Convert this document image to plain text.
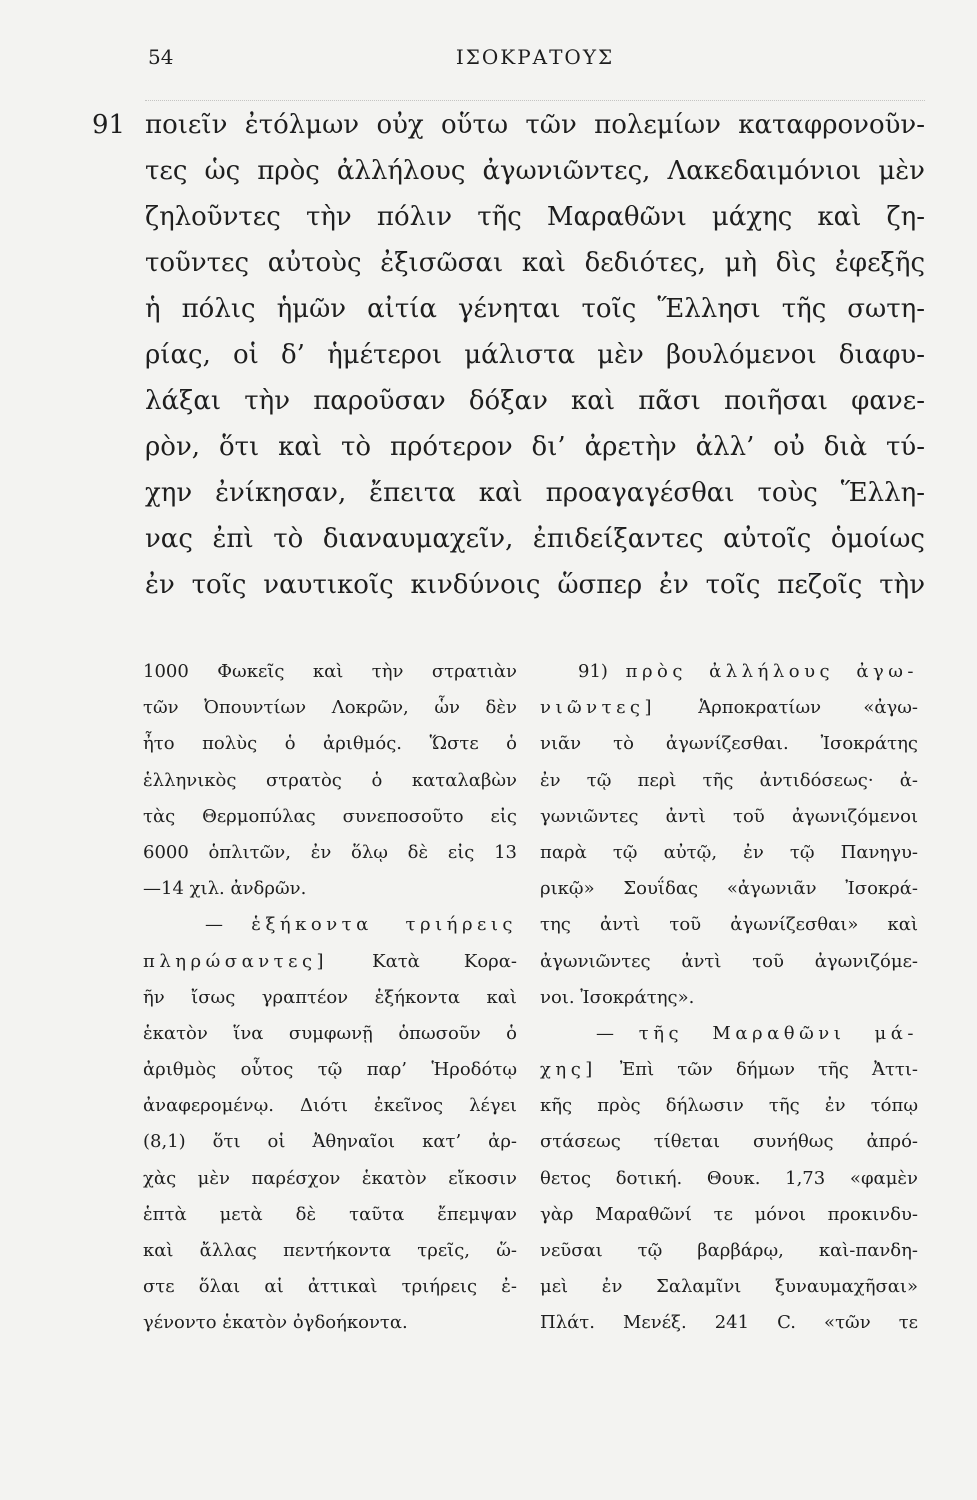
54	ΙΣΟΚΡΑΤΟΥΣ
91 ποιεῖν ἐτόλμων οὐχ οὕτω τῶν πολεμίων καταφρονοῦν-
τες ὡς πρὸς ἀλλήλους ἀγωνιῶντες, Λακεδαιμόνιοι μὲν
ζηλοῦντες τὴν πόλιν τῆς Μαραθῶνι μάχης καὶ ζη-
τοῦντες αὐτοὺς ἐξισῶσαι καὶ δεδιότες, μὴ δὶς ἐφεξῆς
ἡ πόλις ἡμῶν αἰτία γένηται τοῖς Ἕλλησι τῆς σωτη-
ρίας, οἱ δ’ ἡμέτεροι μάλιστα μὲν βουλόμενοι διαφυ-
λάξαι τὴν παροῦσαν δόξαν καὶ πᾶσι ποιῆσαι φανε-
ρὸν, ὅτι καὶ τὸ πρότερον δι’ ἀρετὴν ἀλλ’ οὐ διὰ τύ-
χην ἐνίκησαν, ἔπειτα καὶ προαγαγέσθαι τοὺς Ἕλλη-
νας ἐπὶ τὸ διαναυμαχεῖν, ἐπιδείξαντες αὐτοῖς ὁμοίως
ἐν τοῖς ναυτικοῖς κινδύνοις ὥσπερ ἐν τοῖς πεζοῖς τὴν
1000 Φωκεῖς καὶ τὴν στρατιὰν
τῶν Ὀπουντίων Λοκρῶν, ὧν δὲν
ἦτο πολὺς ὁ ἀριθμός. Ὥστε ὁ
ἑλληνικὸς στρατὸς ὁ καταλαβὼν
τὰς Θερμοπύλας συνεποσοῦτο εἰς
6000 ὁπλιτῶν, ἐν ὅλῳ δὲ εἰς 13
—14 χιλ. ἀνδρῶν.
— ἑξήκοντα τριήρεις
πληρώσαντες] Κατὰ Κορα-
ῆν ἴσως γραπτέον ἑξήκοντα καὶ
ἑκατὸν ἵνα συμφωνῇ ὁπωσοῦν ὁ
ἀριθμὸς οὗτος τῷ παρ’ Ἡροδότῳ
ἀναφερομένῳ. Διότι ἐκεῖνος λέγει
(8,1) ὅτι οἱ Ἀθηναῖοι κατ’ ἀρ-
χὰς μὲν παρέσχον ἑκατὸν εἴκοσιν
ἑπτὰ μετὰ δὲ ταῦτα ἔπεμψαν
καὶ ἄλλας πεντήκοντα τρεῖς, ὥ-
στε ὅλαι αἱ ἀττικαὶ τριήρεις ἐ-
γένοντο ἑκατὸν ὀγδοήκοντα.
91) πρὸς ἀλλήλους ἀγω-
νιῶντες] Ἁρποκρατίων «ἀγω-
νιᾶν τὸ ἀγωνίζεσθαι. Ἰσοκράτης
ἐν τῷ περὶ τῆς ἀντιδόσεως· ἀ-
γωνιῶντες ἀντὶ τοῦ ἀγωνιζόμενοι
παρὰ τῷ αὐτῷ, ἐν τῷ Πανηγυ-
ρικῷ» Σουΐδας «ἀγωνιᾶν Ἰσοκρά-
της ἀντὶ τοῦ ἀγωνίζεσθαι» καὶ
ἀγωνιῶντες ἀντὶ τοῦ ἀγωνιζόμε-
νοι. Ἰσοκράτης».
— τῆς Μαραθῶνι μά-
χης] Ἐπὶ τῶν δήμων τῆς Ἀττι-
κῆς πρὸς δήλωσιν τῆς ἐν τόπῳ
στάσεως τίθεται συνήθως ἀπρό-
θετος δοτική. Θουκ. 1,73 «φαμὲν
γὰρ Μαραθῶνί τε μόνοι προκινδυ-
νεῦσαι τῷ βαρβάρῳ, καὶ-πανδη-
μεὶ ἐν Σαλαμῖνι ξυναυμαχῆσαι»
Πλάτ. Μενέξ. 241 C. «τῶν τε
